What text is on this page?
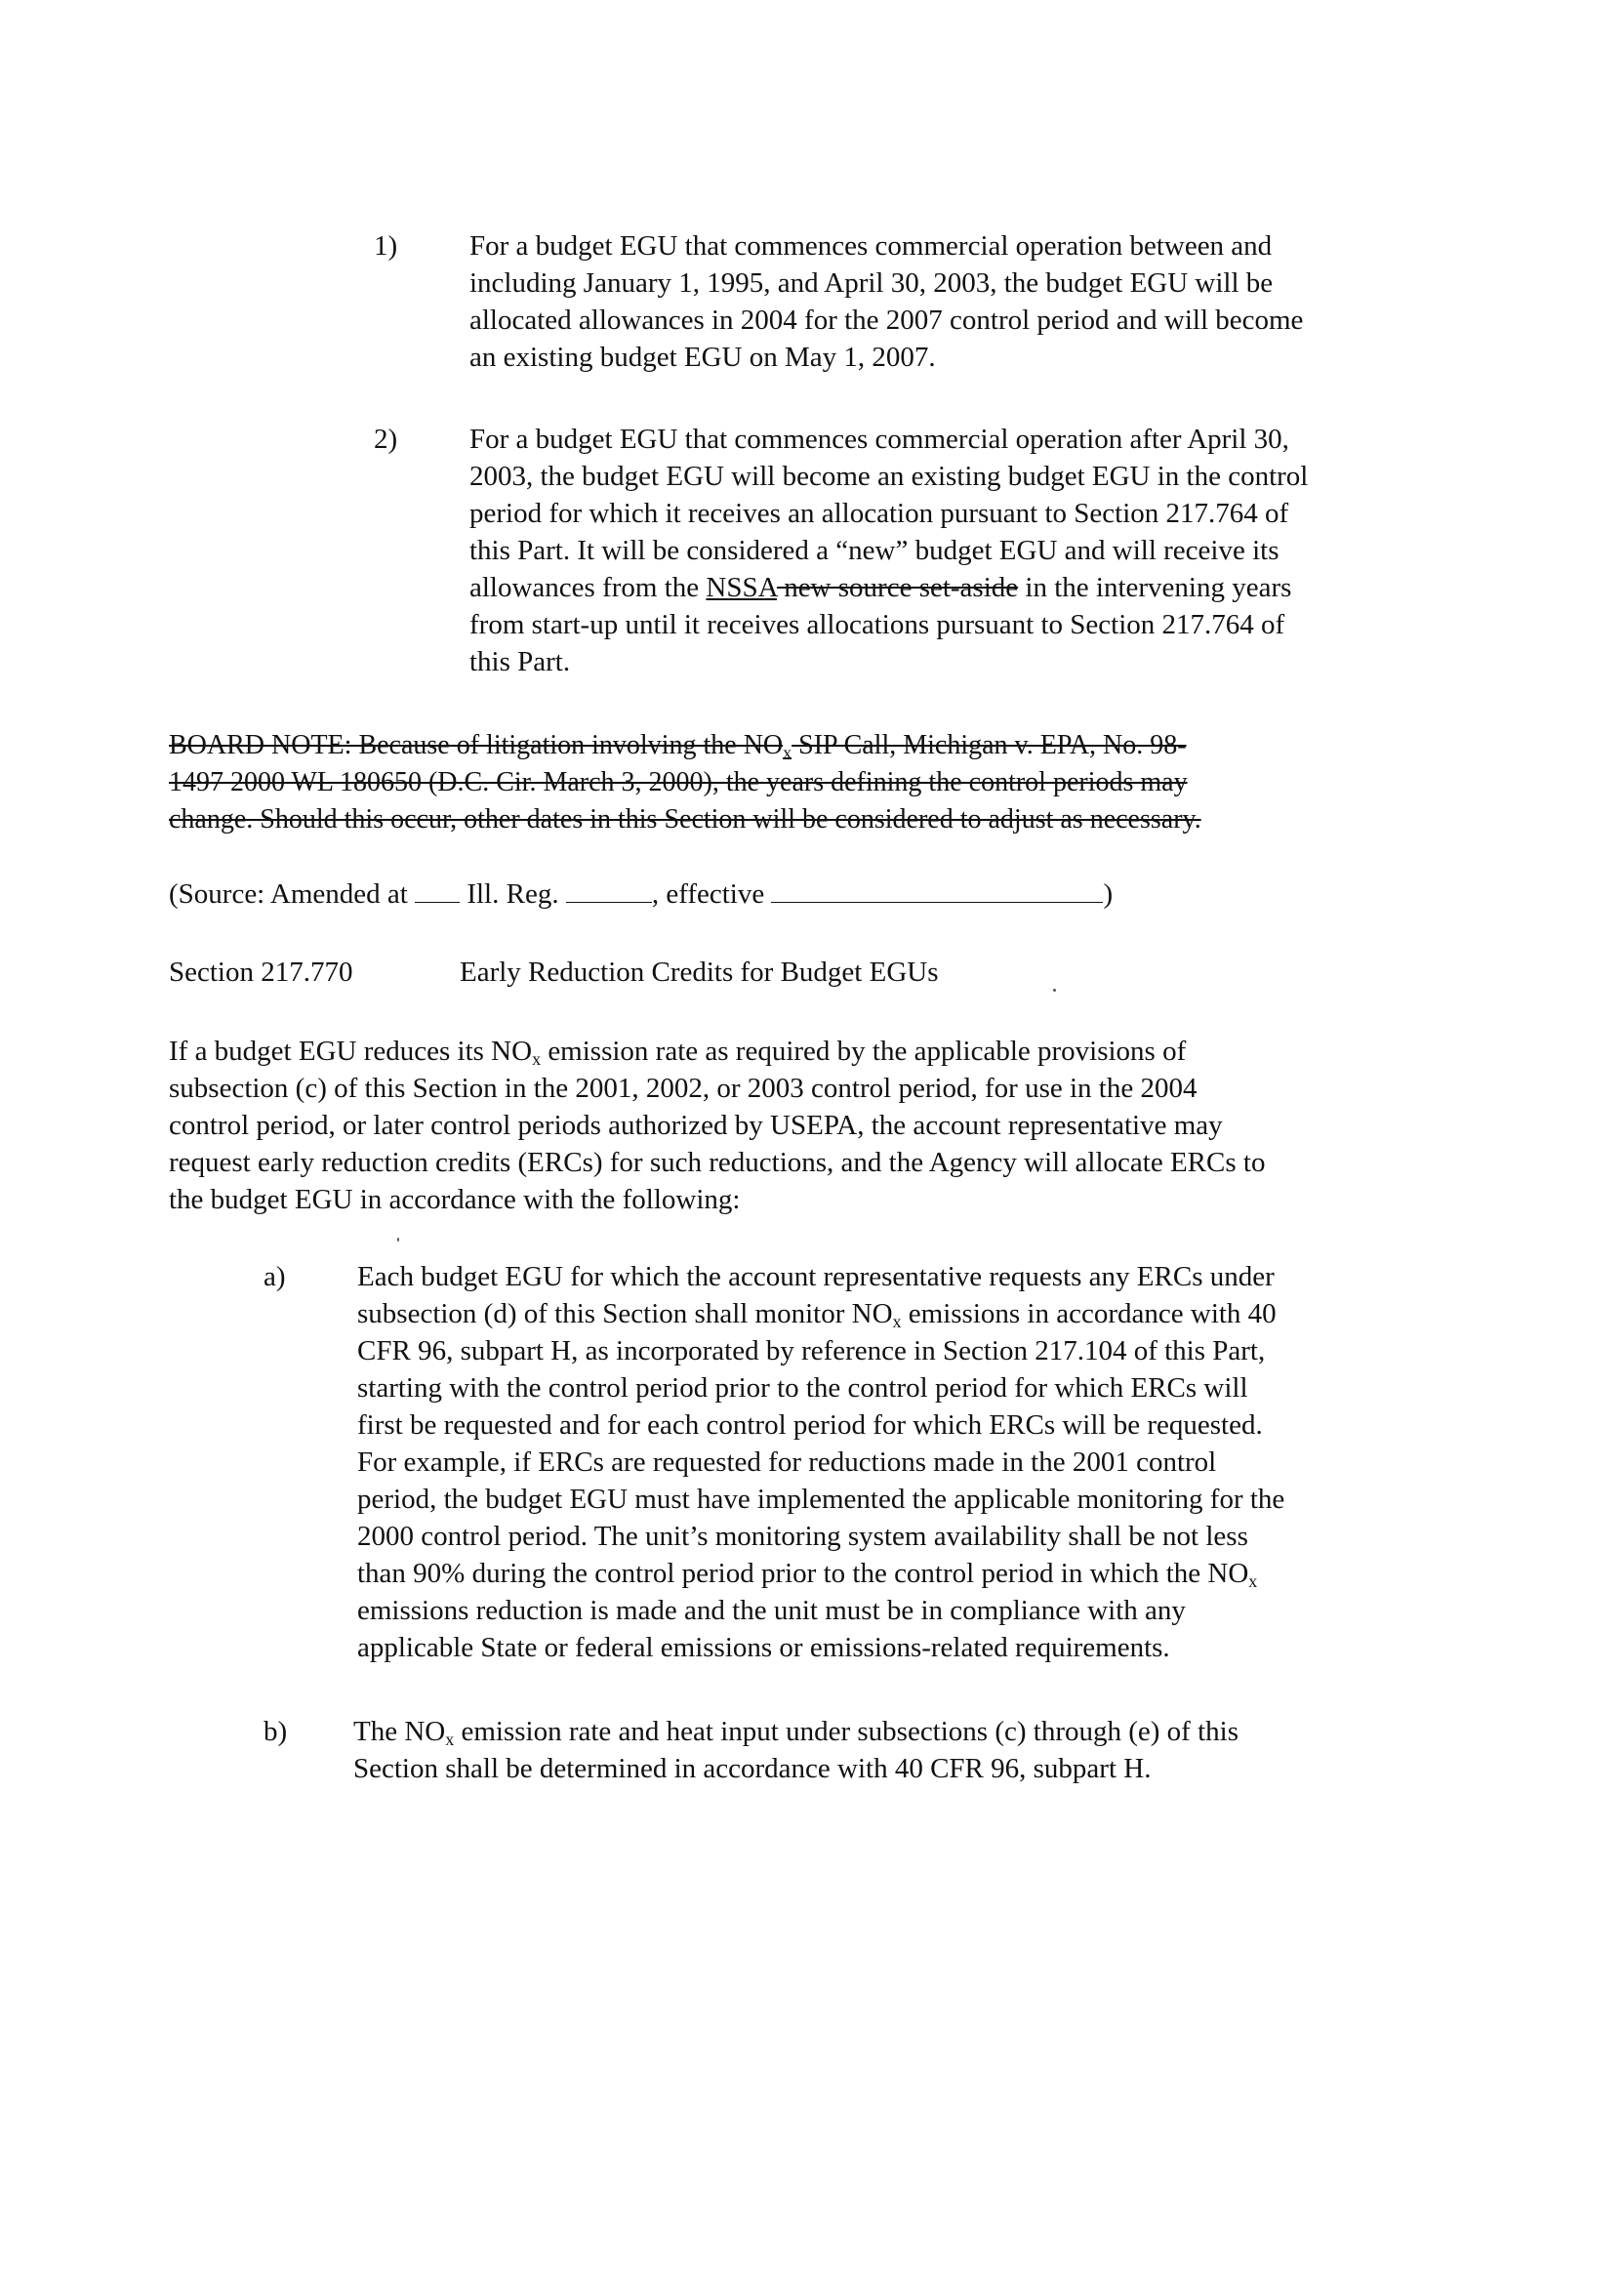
1)	For a budget EGU that commences commercial operation between and
including January 1, 1995, and April 30, 2003, the budget EGU will be
allocated allowances in 2004 for the 2007 control period and will become
an existing budget EGU on May 1, 2007.
2)	For a budget EGU that commences commercial operation after April 30,
2003, the budget EGU will become an existing budget EGU in the control
period for which it receives an allocation pursuant to Section 217.764 of
this Part. It will be considered a “new” budget EGU and will receive its
allowances from the NSSA new source set-aside in the intervening years
from start-up until it receives allocations pursuant to Section 217.764 of
this Part.
BOARD NOTE: Because of litigation involving the $NO_x$ SIP Call, Michigan v. EPA, No. 98-
1497 2000 WL 180650 (D.C. Cir. March 3, 2000), the years defining the control periods may
change. Should this occur, other dates in this Section will be considered to adjust as necessary.
(Source: Amended at  Ill. Reg.	, effective	)
Section 217.770	Early Reduction Credits for Budget EGUs
If a budget EGU reduces its $NO_x$ emission rate as required by the applicable provisions of
subsection (c) of this Section in the 2001, 2002, or 2003 control period, for use in the 2004
control period, or later control periods authorized by USEPA, the account representative may
request early reduction credits (ERCs) for such reductions, and the Agency will allocate ERCs to
the budget EGU in accordance with the following:
a)	Each budget EGU for which the account representative requests any ERCs under
subsection (d) of this Section shall monitor $NO_x$ emissions in accordance with 40
CFR 96, subpart H, as incorporated by reference in Section 217.104 of this Part,
starting with the control period prior to the control period for which ERCs will
first be requested and for each control period for which ERCs will be requested.
For example, if ERCs are requested for reductions made in the 2001 control
period, the budget EGU must have implemented the applicable monitoring for the
2000 control period. The unit’s monitoring system availability shall be not less
than 90% during the control period prior to the control period in which the $NO_x$
emissions reduction is made and the unit must be in compliance with any
applicable State or federal emissions or emissions-related requirements.
b) The $NO_x$ emission rate and heat input under subsections (c) through (e) of this
Section shall be determined in accordance with 40 CFR 96, subpart H.
